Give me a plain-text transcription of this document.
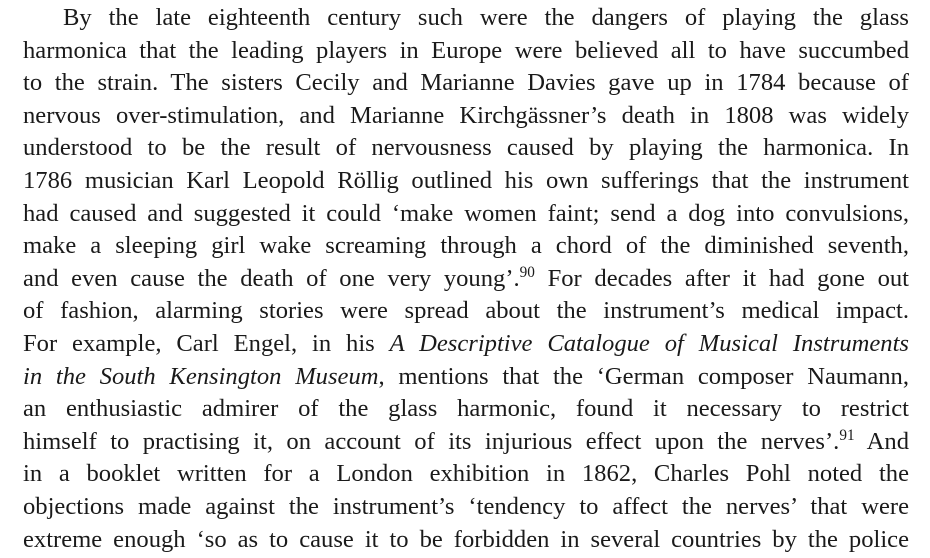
By the late eighteenth century such were the dangers of playing the glass
harmonica that the leading players in Europe were believed all to have succumbed
to the strain. The sisters Cecily and Marianne Davies gave up in 1784 because of
nervous over-stimulation, and Marianne Kirchgässner’s death in 1808 was widely
understood to be the result of nervousness caused by playing the harmonica. In
1786 musician Karl Leopold Röllig outlined his own sufferings that the instrument
had caused and suggested it could ‘make women faint; send a dog into convulsions,
make a sleeping girl wake screaming through a chord of the diminished seventh,
and even cause the death of one very young’.$^{90}$ For decades after it had gone out
of fashion, alarming stories were spread about the instrument’s medical impact.
For example, Carl Engel, in his A Descriptive Catalogue of Musical Instruments
in the South Kensington Museum, mentions that the ‘German composer Naumann,
an enthusiastic admirer of the glass harmonic, found it necessary to restrict
himself to practising it, on account of its injurious effect upon the nerves’.$^{91}$ And
in a booklet written for a London exhibition in 1862, Charles Pohl noted the
objections made against the instrument’s ‘tendency to affect the nerves’ that were
extreme enough ‘so as to cause it to be forbidden in several countries by the police
